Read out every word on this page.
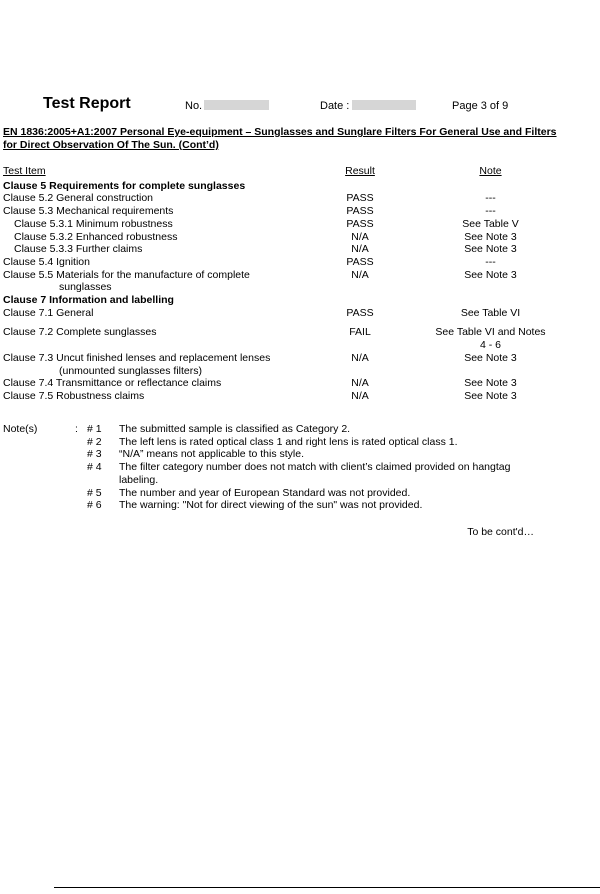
Test Report	No.	Date :	Page 3 of 9
EN 1836:2005+A1:2007 Personal Eye-equipment – Sunglasses and Sunglare Filters For General Use and Filters for Direct Observation Of The Sun. (Cont’d)
Test Item	Result	Note
Clause 5 Requirements for complete sunglasses		
Clause 5.2 General construction	PASS	---
Clause 5.3 Mechanical requirements	PASS	---
Clause 5.3.1 Minimum robustness	PASS	See Table V
Clause 5.3.2 Enhanced robustness	N/A	See Note 3
Clause 5.3.3 Further claims	N/A	See Note 3
Clause 5.4 Ignition	PASS	---
Clause 5.5 Materials for the manufacture of complete
sunglasses	N/A	See Note 3
Clause 7 Information and labelling		
Clause 7.1 General	PASS	See Table VI

Clause 7.2 Complete sunglasses	FAIL	See Table VI and Notes
4 - 6
Clause 7.3 Uncut finished lenses and replacement lenses
(unmounted sunglasses filters)	N/A	See Note 3
Clause 7.4 Transmittance or reflectance claims	N/A	See Note 3
Clause 7.5 Robustness claims	N/A	See Note 3
Note(s)	: # 1 The submitted sample is classified as Category 2.
# 2 The left lens is rated optical class 1 and right lens is rated optical class 1.
# 3 “N/A” means not applicable to this style.
# 4 The filter category number does not match with client’s claimed provided on hangtag labeling.
# 5 The number and year of European Standard was not provided.
# 6 The warning: "Not for direct viewing of the sun" was not provided.
To be cont'd…
